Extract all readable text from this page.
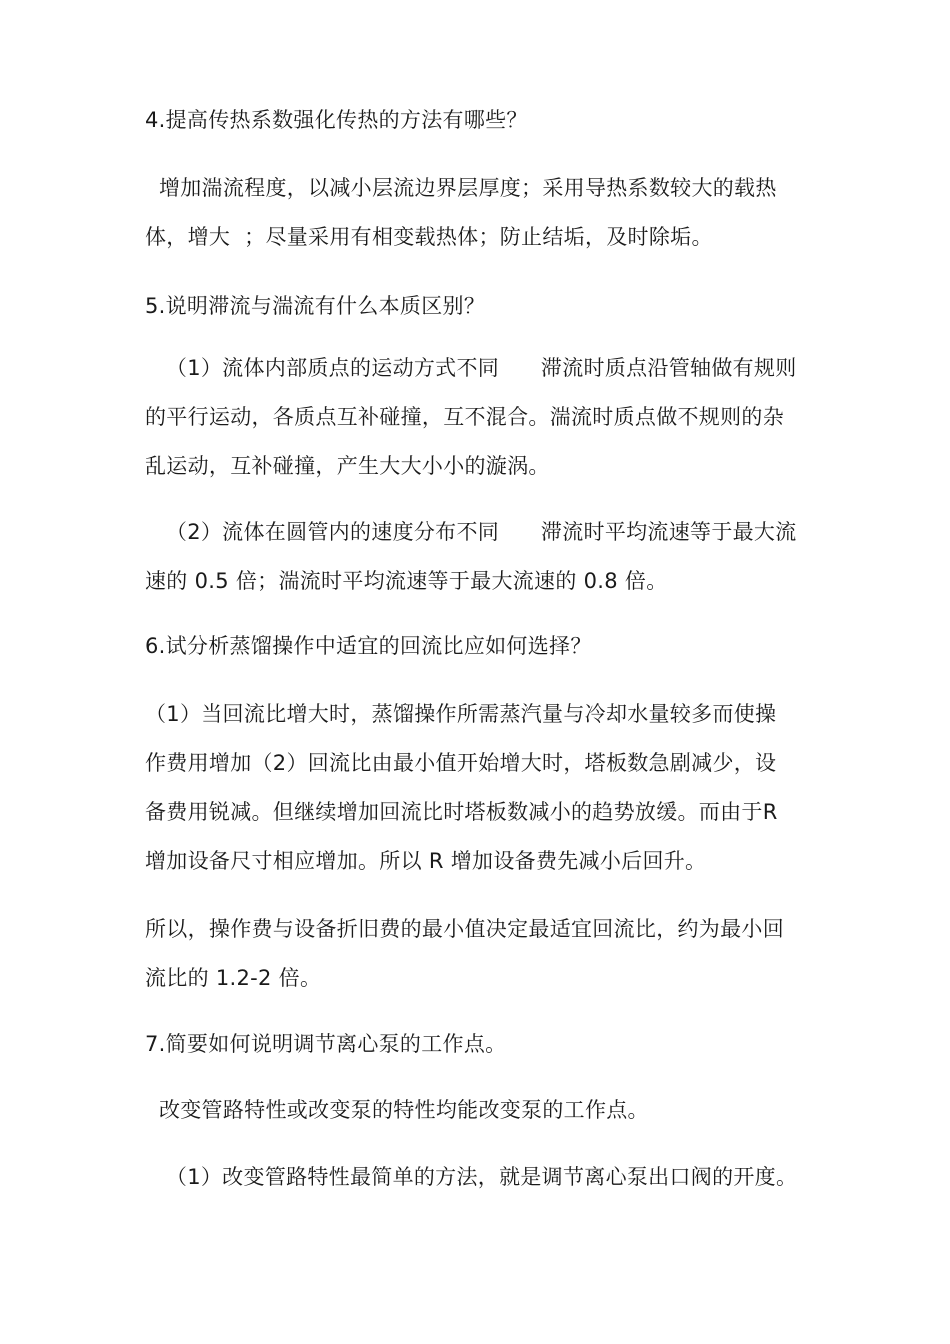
4.提高传热系数强化传热的方法有哪些？
增加湍流程度，以减小层流边界层厚度；采用导热系数较大的载热
体，增大  ；尽量采用有相变载热体；防止结垢，及时除垢。
5.说明滞流与湍流有什么本质区别？
（1）流体内部质点的运动方式不同      滞流时质点沿管轴做有规则
的平行运动，各质点互补碰撞，互不混合。湍流时质点做不规则的杂
乱运动，互补碰撞，产生大大小小的漩涡。
（2）流体在圆管内的速度分布不同      滞流时平均流速等于最大流
速的 0.5 倍；湍流时平均流速等于最大流速的 0.8 倍。
6.试分析蒸馏操作中适宜的回流比应如何选择？
（1）当回流比增大时，蒸馏操作所需蒸汽量与冷却水量较多而使操
作费用增加（2）回流比由最小值开始增大时，塔板数急剧减少，设
备费用锐减。但继续增加回流比时塔板数减小的趋势放缓。而由于R
增加设备尺寸相应增加。所以 R 增加设备费先减小后回升。
所以，操作费与设备折旧费的最小值决定最适宜回流比，约为最小回
流比的 1.2-2 倍。
7.简要如何说明调节离心泵的工作点。
改变管路特性或改变泵的特性均能改变泵的工作点。
（1）改变管路特性最简单的方法，就是调节离心泵出口阀的开度。
